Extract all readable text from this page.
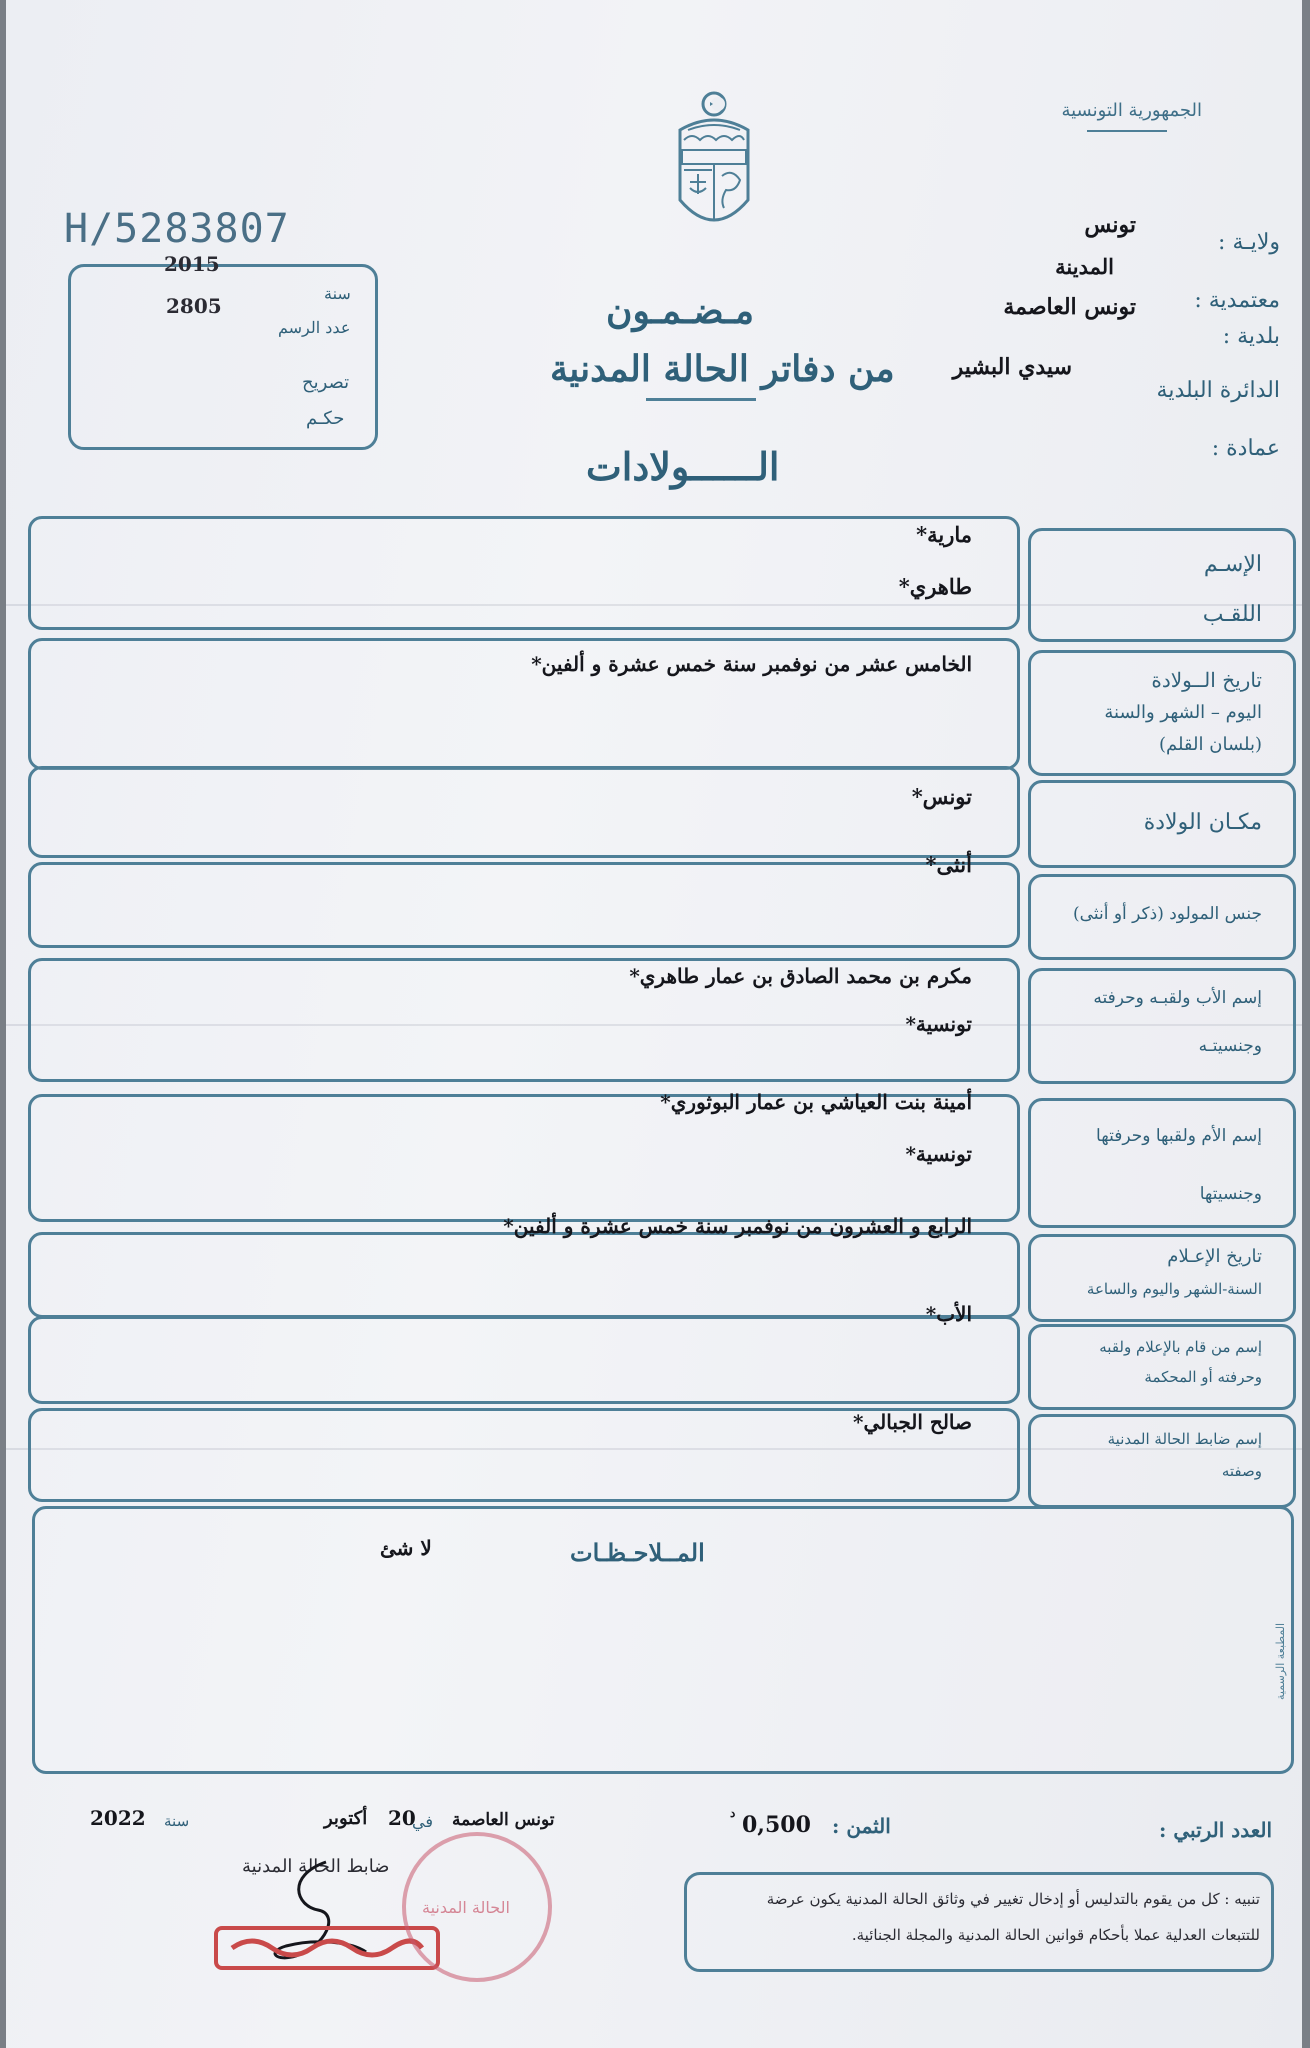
الجمهورية التونسية
ولايـة :
تونس
المدينة
معتمدية :
تونس العاصمة
بلدية :
سيدي البشير
الدائرة البلدية
عمادة :
H/5283807
2015
سنة
2805
عدد الرسم
تصريح
حكـم
مـضـمـون
من دفاتر الحالة المدنية
الــــــولادات
الإسـم
اللقـب
تاريخ الــولادة
اليوم – الشهر والسنة
(بلسان القلم)
مكـان الولادة
جنس المولود (ذكر أو أنثى)
إسم الأب ولقبـه وحرفته
وجنسيتـه
إسم الأم ولقبها وحرفتها
وجنسيتها
تاريخ الإعـلام
السنة-الشهر واليوم والساعة
إسم من قام بالإعلام ولقبه
وحرفته أو المحكمة
إسم ضابط الحالة المدنية
وصفته
مارية*
طاهري*
الخامس عشر من نوفمبر سنة خمس عشرة و ألفين*
تونس*
أنثى*
مكرم بن محمد الصادق بن عمار طاهري*
تونسية*
أمينة بنت العياشي بن عمار البوثوري*
تونسية*
الرابع و العشرون من نوفمبر سنة خمس عشرة و ألفين*
الأب*
صالح الجبالي*
المــلاحـظـات
لا شئ
المطبعة الرسمية
العدد الرتبي :
الثمن :
0,500
د
تونس العاصمة
في
20
أكتوبر
سنة
2022
ضابط الحالة المدنية
الحالة المدنية	تنبيه : كل من يقوم بالتدليس أو إدخال تغيير في وثائق الحالة المدنية يكون عرضة
للتتبعات العدلية عملا بأحكام قوانين الحالة المدنية والمجلة الجنائية.
